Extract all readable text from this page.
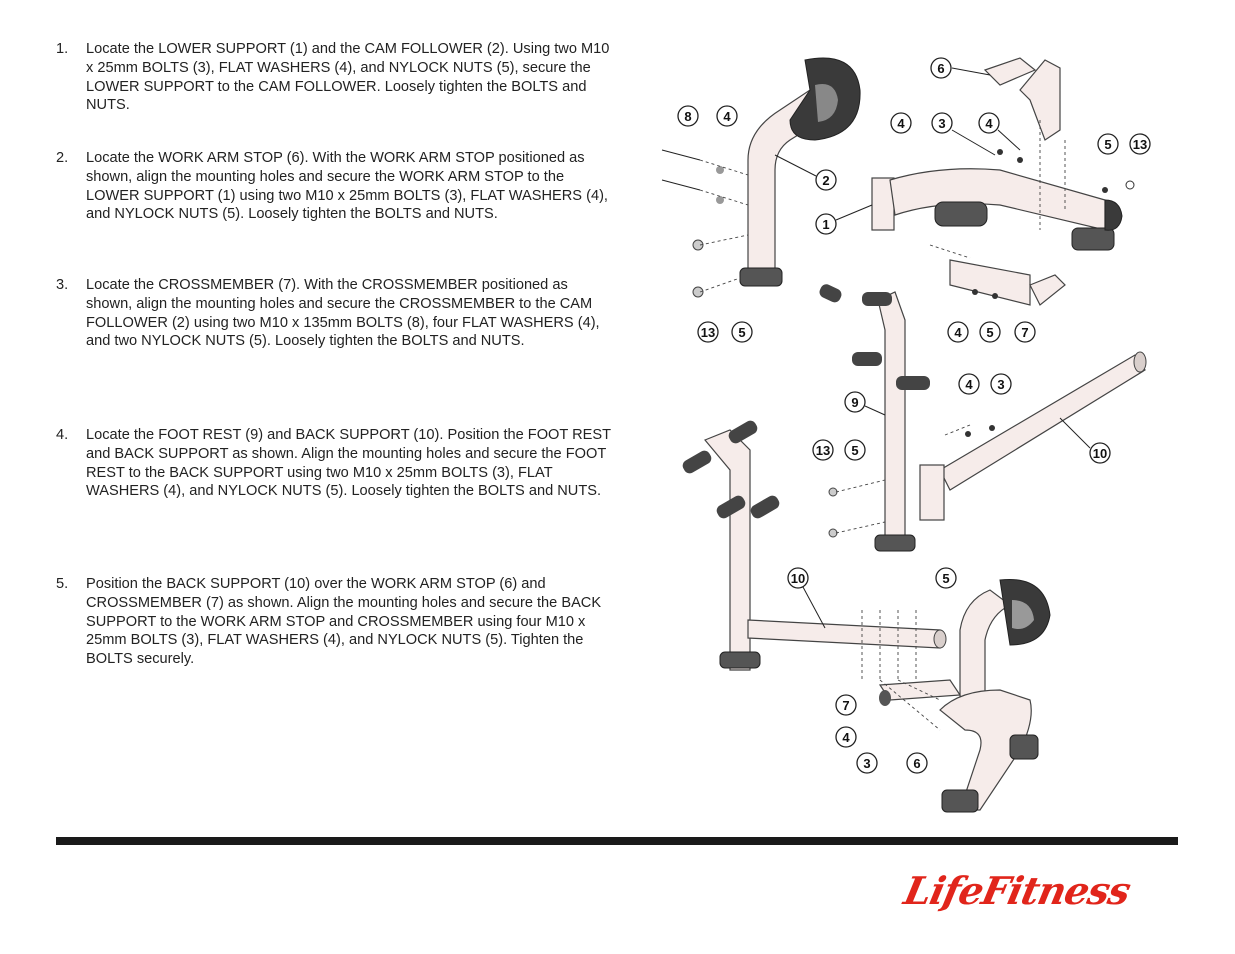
1. Locate the LOWER SUPPORT (1) and the CAM FOLLOWER (2). Using two M10 x 25mm BOLTS (3), FLAT WASHERS (4), and NYLOCK NUTS (5), secure the LOWER SUPPORT to the CAM FOLLOWER. Loosely tighten the BOLTS and NUTS.
2. Locate the WORK ARM STOP (6). With the WORK ARM STOP positioned as shown, align the mounting holes and secure the WORK ARM STOP to the LOWER SUPPORT (1) using two M10 x 25mm BOLTS (3), FLAT WASHERS (4), and NYLOCK NUTS (5). Loosely tighten the BOLTS and NUTS.
3. Locate the CROSSMEMBER (7). With the CROSSMEMBER positioned as shown, align the mounting holes and secure the CROSSMEMBER to the CAM FOLLOWER (2) using two M10 x 135mm BOLTS (8), four FLAT WASHERS (4), and two NYLOCK NUTS (5). Loosely tighten the BOLTS and NUTS.
4. Locate the FOOT REST (9) and BACK SUPPORT (10). Position the FOOT REST and BACK SUPPORT as shown. Align the mounting holes and secure the FOOT REST to the BACK SUPPORT using two M10 x 25mm BOLTS (3), FLAT WASHERS (4), and NYLOCK NUTS (5). Loosely tighten the BOLTS and NUTS.
5. Position the BACK SUPPORT (10) over the WORK ARM STOP (6) and CROSSMEMBER (7) as shown. Align the mounting holes and secure the BACK SUPPORT to the WORK ARM STOP and CROSSMEMBER using four M10 x 25mm BOLTS (3), FLAT WASHERS (4), and NYLOCK NUTS (5). Tighten the BOLTS securely.
6
8 4	4	3	4
5 13
2
1
13 5	4 5 7
4 3
9
13 5	10
10	5
7
4
3	6
LifeFitness
